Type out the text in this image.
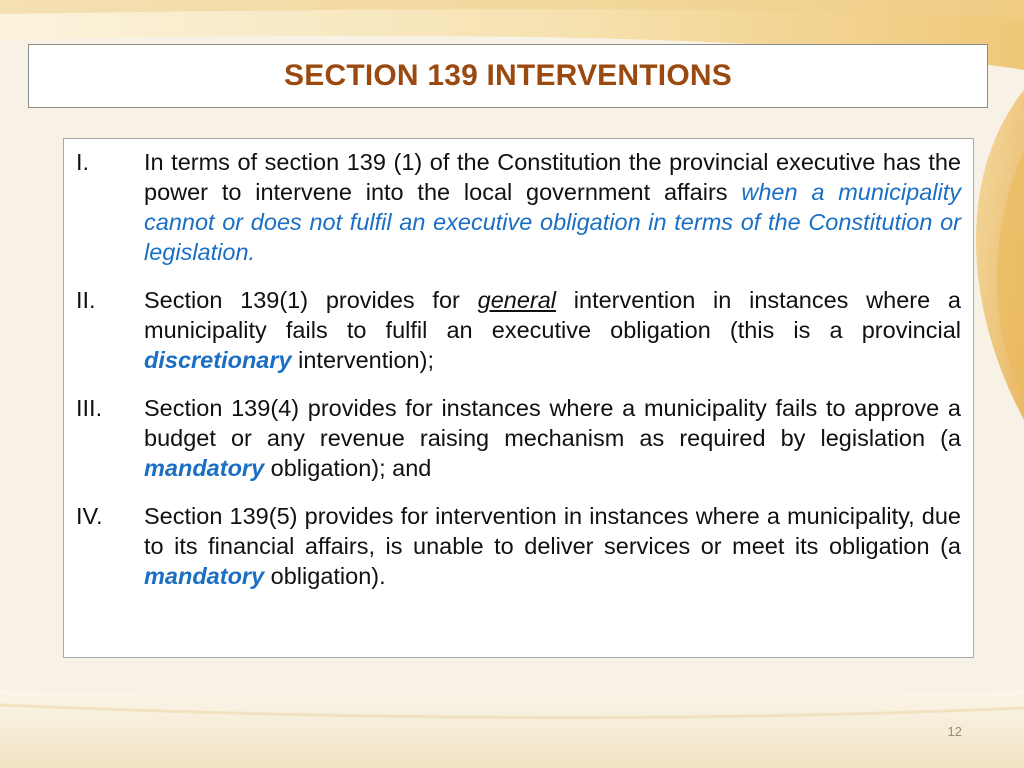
SECTION 139 INTERVENTIONS
I.	In terms of section 139 (1) of the Constitution the provincial executive has the power to intervene into the local government affairs when a municipality cannot or does not fulfil an executive obligation in terms of the Constitution or legislation.
II.	Section 139(1) provides for general intervention in instances where a municipality fails to fulfil an executive obligation (this is a provincial discretionary intervention);
III.	Section 139(4) provides for instances where a municipality fails to approve a budget or any revenue raising mechanism as required by legislation (a mandatory obligation); and
IV.	Section 139(5) provides for intervention in instances where a municipality, due to its financial affairs, is unable to deliver services or meet its obligation (a mandatory obligation).
12
